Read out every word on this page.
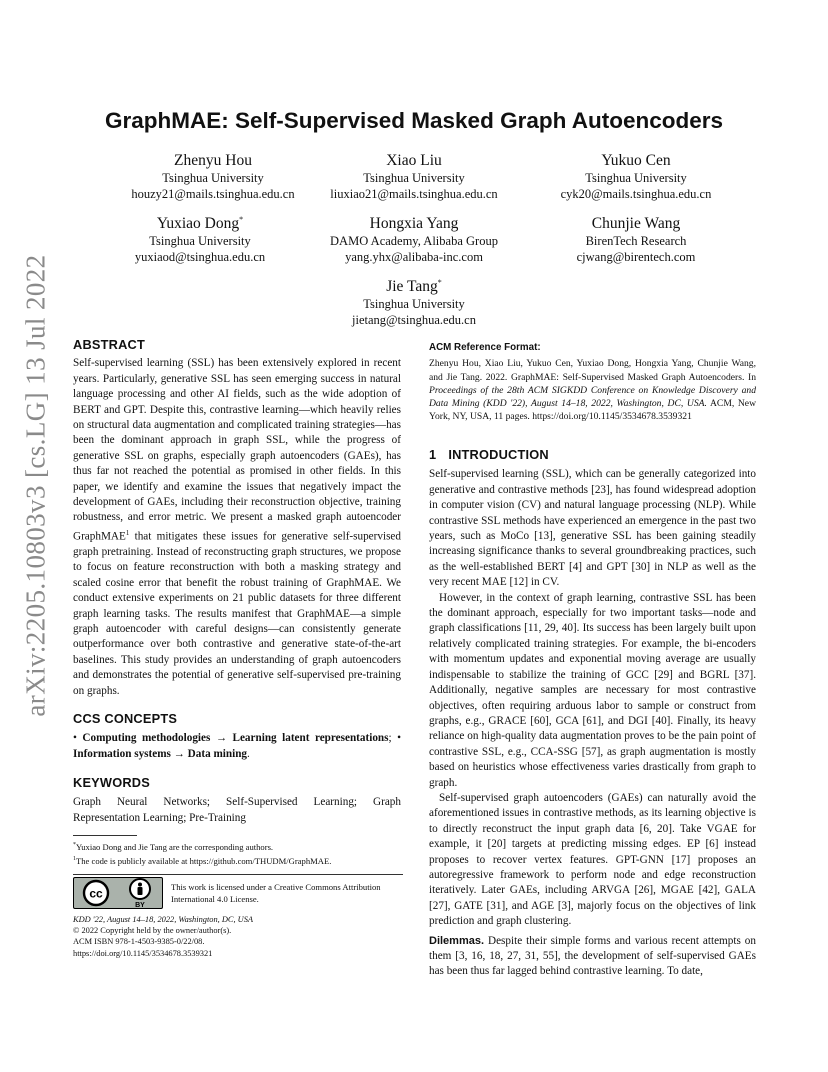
arXiv:2205.10803v3 [cs.LG] 13 Jul 2022
GraphMAE: Self-Supervised Masked Graph Autoencoders
Zhenyu Hou
Tsinghua University
houzy21@mails.tsinghua.edu.cn
Xiao Liu
Tsinghua University
liuxiao21@mails.tsinghua.edu.cn
Yukuo Cen
Tsinghua University
cyk20@mails.tsinghua.edu.cn
Yuxiao Dong*
Tsinghua University
yuxiaod@tsinghua.edu.cn
Hongxia Yang
DAMO Academy, Alibaba Group
yang.yhx@alibaba-inc.com
Chunjie Wang
BirenTech Research
cjwang@birentech.com
Jie Tang*
Tsinghua University
jietang@tsinghua.edu.cn
ABSTRACT
Self-supervised learning (SSL) has been extensively explored in recent years. Particularly, generative SSL has seen emerging success in natural language processing and other AI fields, such as the wide adoption of BERT and GPT. Despite this, contrastive learning—which heavily relies on structural data augmentation and complicated training strategies—has been the dominant approach in graph SSL, while the progress of generative SSL on graphs, especially graph autoencoders (GAEs), has thus far not reached the potential as promised in other fields. In this paper, we identify and examine the issues that negatively impact the development of GAEs, including their reconstruction objective, training robustness, and error metric. We present a masked graph autoencoder GraphMAE$^1$ that mitigates these issues for generative self-supervised graph pretraining. Instead of reconstructing graph structures, we propose to focus on feature reconstruction with both a masking strategy and scaled cosine error that benefit the robust training of GraphMAE. We conduct extensive experiments on 21 public datasets for three different graph learning tasks. The results manifest that GraphMAE—a simple graph autoencoder with careful designs—can consistently generate outperformance over both contrastive and generative state-of-the-art baselines. This study provides an understanding of graph autoencoders and demonstrates the potential of generative self-supervised pre-training on graphs.
CCS CONCEPTS
• Computing methodologies → Learning latent representations; • Information systems → Data mining.
KEYWORDS
Graph Neural Networks; Self-Supervised Learning; Graph Representation Learning; Pre-Training
*Yuxiao Dong and Jie Tang are the corresponding authors.
$^1$The code is publicly available at https://github.com/THUDM/GraphMAE.
cc
BY
This work is licensed under a Creative Commons Attribution International 4.0 License.
KDD '22, August 14–18, 2022, Washington, DC, USA
© 2022 Copyright held by the owner/author(s).
ACM ISBN 978-1-4503-9385-0/22/08.
https://doi.org/10.1145/3534678.3539321
ACM Reference Format:
Zhenyu Hou, Xiao Liu, Yukuo Cen, Yuxiao Dong, Hongxia Yang, Chunjie Wang, and Jie Tang. 2022. GraphMAE: Self-Supervised Masked Graph Autoencoders. In Proceedings of the 28th ACM SIGKDD Conference on Knowledge Discovery and Data Mining (KDD '22), August 14–18, 2022, Washington, DC, USA. ACM, New York, NY, USA, 11 pages. https://doi.org/10.1145/3534678.3539321
1 INTRODUCTION

Self-supervised learning (SSL), which can be generally categorized into generative and contrastive methods [23], has found widespread adoption in computer vision (CV) and natural language processing (NLP). While contrastive SSL methods have experienced an emergence in the past two years, such as MoCo [13], generative SSL has been gaining steadily increasing significance thanks to several groundbreaking practices, such as the well-established BERT [4] and GPT [30] in NLP as well as the very recent MAE [12] in CV.

However, in the context of graph learning, contrastive SSL has been the dominant approach, especially for two important tasks—node and graph classifications [11, 29, 40]. Its success has been largely built upon relatively complicated training strategies. For example, the bi-encoders with momentum updates and exponential moving average are usually indispensable to stabilize the training of GCC [29] and BGRL [37]. Additionally, negative samples are necessary for most contrastive objectives, often requiring arduous labor to sample or construct from graphs, e.g., GRACE [60], GCA [61], and DGI [40]. Finally, its heavy reliance on high-quality data augmentation proves to be the pain point of contrastive SSL, e.g., CCA-SSG [57], as graph augmentation is mostly based on heuristics whose effectiveness varies drastically from graph to graph.

Self-supervised graph autoencoders (GAEs) can naturally avoid the aforementioned issues in contrastive methods, as its learning objective is to directly reconstruct the input graph data [6, 20]. Take VGAE for example, it [20] targets at predicting missing edges. EP [6] instead proposes to recover vertex features. GPT-GNN [17] proposes an autoregressive framework to perform node and edge reconstruction iteratively. Later GAEs, including ARVGA [26], MGAE [42], GALA [27], GATE [31], and AGE [3], majorly focus on the objectives of link prediction and graph clustering.

Dilemmas. Despite their simple forms and various recent attempts on them [3, 16, 18, 27, 31, 55], the development of self-supervised GAEs has been thus far lagged behind contrastive learning. To date,
